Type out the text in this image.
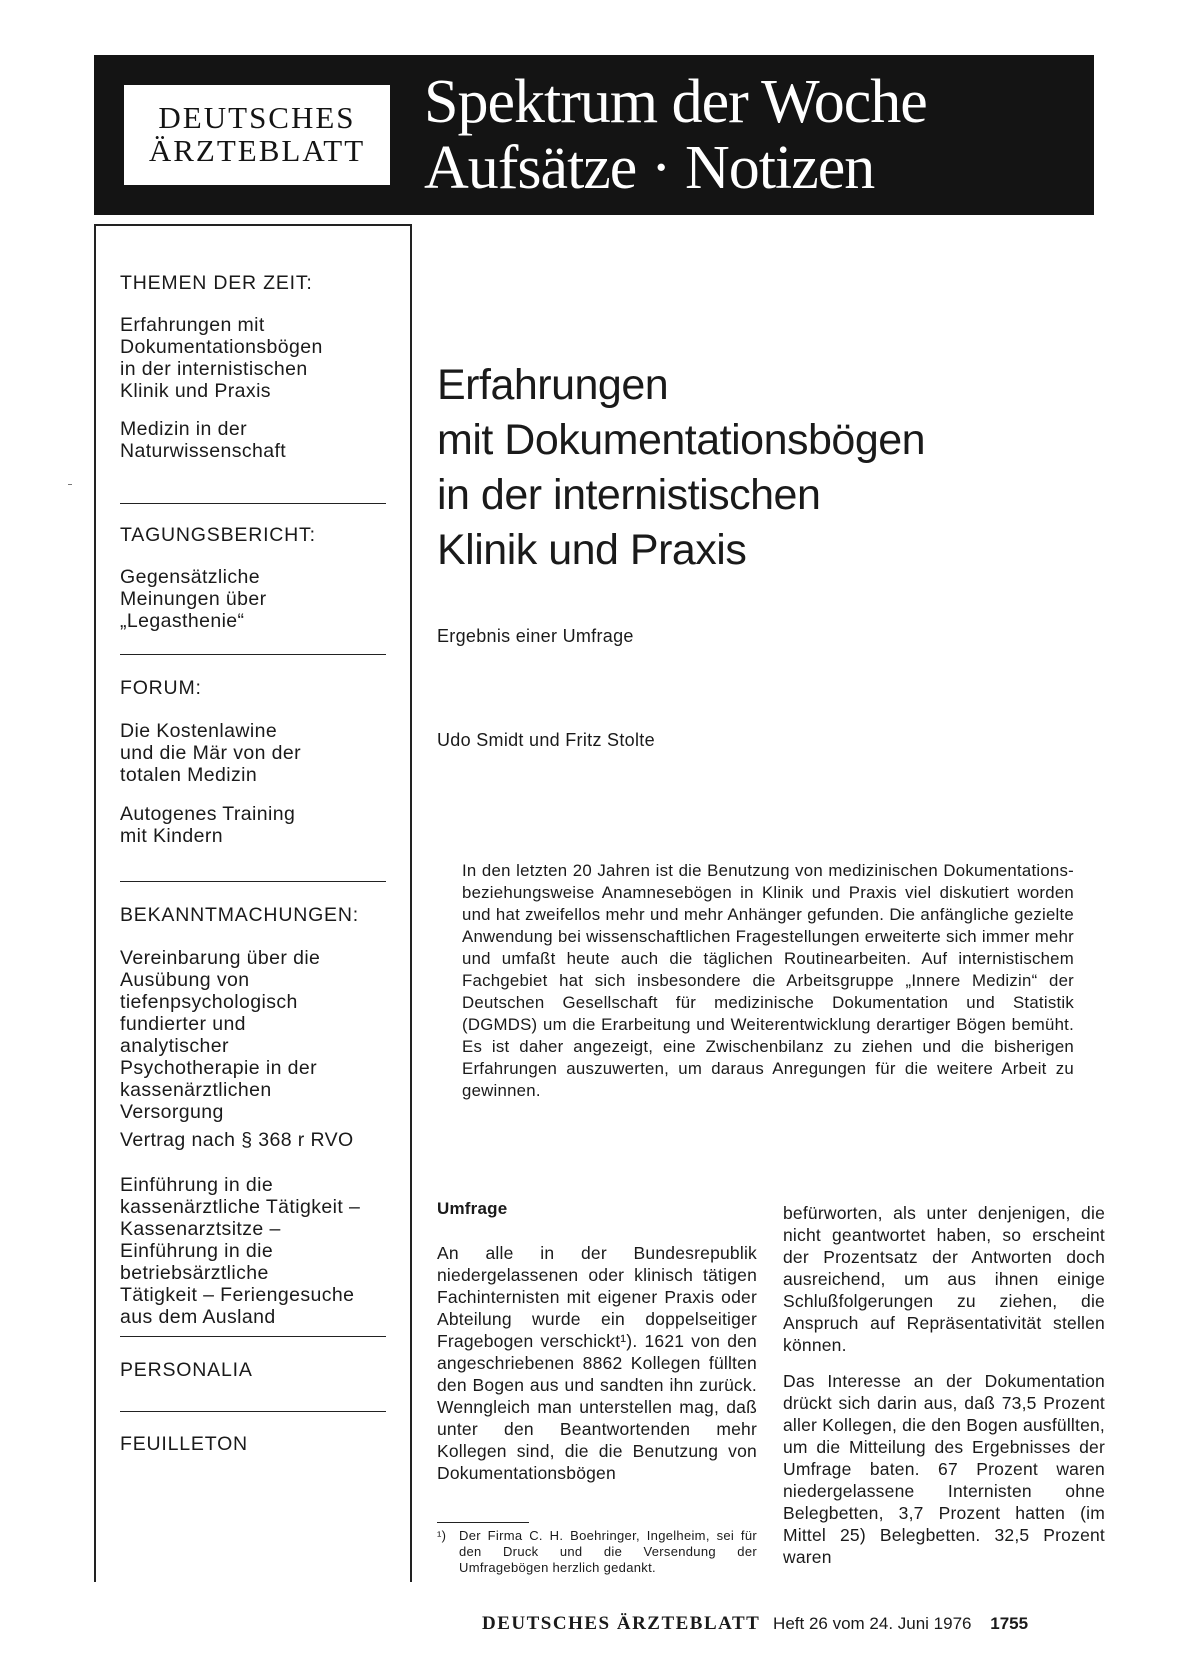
DEUTSCHES
ÄRZTEBLATT
Spektrum der Woche
Aufsätze · Notizen
THEMEN DER ZEIT:
Erfahrungen mit
Dokumentationsbögen
in der internistischen
Klinik und Praxis
Medizin in der
Naturwissenschaft
TAGUNGSBERICHT:
Gegensätzliche
Meinungen über
„Legasthenie“
FORUM:
Die Kostenlawine
und die Mär von der
totalen Medizin
Autogenes Training
mit Kindern
BEKANNTMACHUNGEN:
Vereinbarung über die
Ausübung von
tiefenpsychologisch
fundierter und
analytischer
Psychotherapie in der
kassenärztlichen
Versorgung
Vertrag nach § 368 r RVO
Einführung in die
kassenärztliche Tätigkeit –
Kassenarztsitze –
Einführung in die
betriebsärztliche
Tätigkeit – Feriengesuche
aus dem Ausland
PERSONALIA
FEUILLETON
Erfahrungen
mit Dokumentationsbögen
in der internistischen
Klinik und Praxis
Ergebnis einer Umfrage
Udo Smidt und Fritz Stolte
In den letzten 20 Jahren ist die Benutzung von medizinischen Dokumentations- beziehungsweise Anamnesebögen in Klinik und Praxis viel diskutiert worden und hat zweifellos mehr und mehr Anhänger gefunden. Die anfängliche gezielte Anwendung bei wissenschaftlichen Fragestellungen erweiterte sich immer mehr und umfaßt heute auch die täglichen Routinearbeiten. Auf internistischem Fachgebiet hat sich insbesondere die Arbeitsgruppe „Innere Medizin“ der Deutschen Gesellschaft für medizinische Dokumentation und Statistik (DGMDS) um die Erarbeitung und Weiterentwicklung derartiger Bögen bemüht. Es ist daher angezeigt, eine Zwischenbilanz zu ziehen und die bisherigen Erfahrungen auszuwerten, um daraus Anregungen für die weitere Arbeit zu gewinnen.

Umfrage

An alle in der Bundesrepublik niedergelassenen oder klinisch tätigen Fachinternisten mit eigener Praxis oder Abteilung wurde ein doppelseitiger Fragebogen verschickt¹). 1621 von den angeschriebenen 8862 Kollegen füllten den Bogen aus und sandten ihn zurück. Wenngleich man unterstellen mag, daß unter den Beantwortenden mehr Kollegen sind, die die Benutzung von Dokumentationsbögen

befürworten, als unter denjenigen, die nicht geantwortet haben, so erscheint der Prozentsatz der Antworten doch ausreichend, um aus ihnen einige Schlußfolgerungen zu ziehen, die Anspruch auf Repräsentativität stellen können.

Das Interesse an der Dokumentation drückt sich darin aus, daß 73,5 Prozent aller Kollegen, die den Bogen ausfüllten, um die Mitteilung des Ergebnisses der Umfrage baten. 67 Prozent waren niedergelassene Internisten ohne Belegbetten, 3,7 Prozent hatten (im Mittel 25) Belegbetten. 32,5 Prozent waren

¹) Der Firma C. H. Boehringer, Ingelheim, sei für den Druck und die Versendung der Umfragebögen herzlich gedankt.
DEUTSCHES ÄRZTEBLATT Heft 26 vom 24. Juni 1976 1755
